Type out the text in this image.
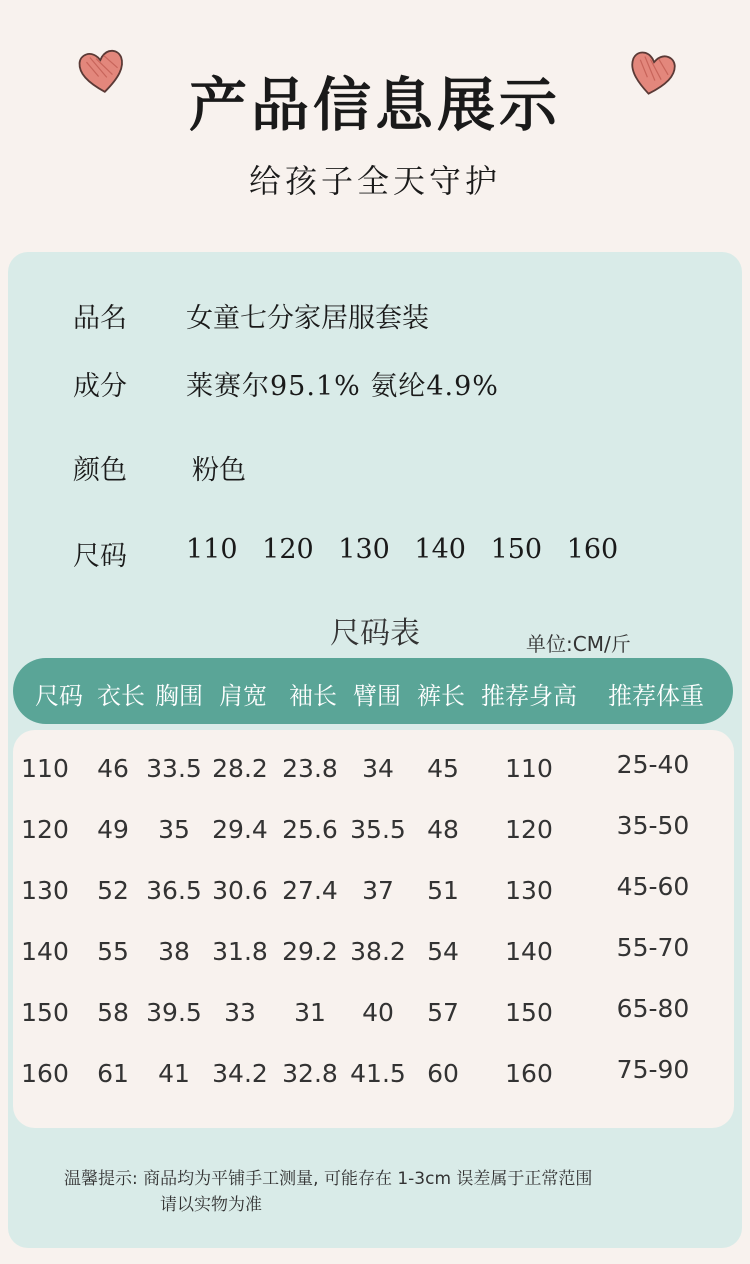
产品信息展示
给孩子全天守护
品名 女童七分家居服套装
成分 莱赛尔95.1% 氨纶4.9%
颜色 粉色
尺码 110 120 130 140 150 160
尺码表	单位:CM/斤
尺码 衣长 胸围 肩宽 袖长 臂围 裤长 推荐身高 推荐体重
110	46 33.5 28.2 23.8 34	45	110	25-40
120	49	35 29.4 25.6 35.5 48	120	35-50
130	52 36.5 30.6 27.4 37	51	130	45-60
140	55	38 31.8 29.2 38.2 54	140	55-70
150	58 39.5 33	31	40	57	150	65-80
160	61	41 34.2 32.8 41.5 60	160	75-90
温馨提示: 商品均为平铺手工测量, 可能存在 1-3cm 误差属于正常范围
请以实物为准
